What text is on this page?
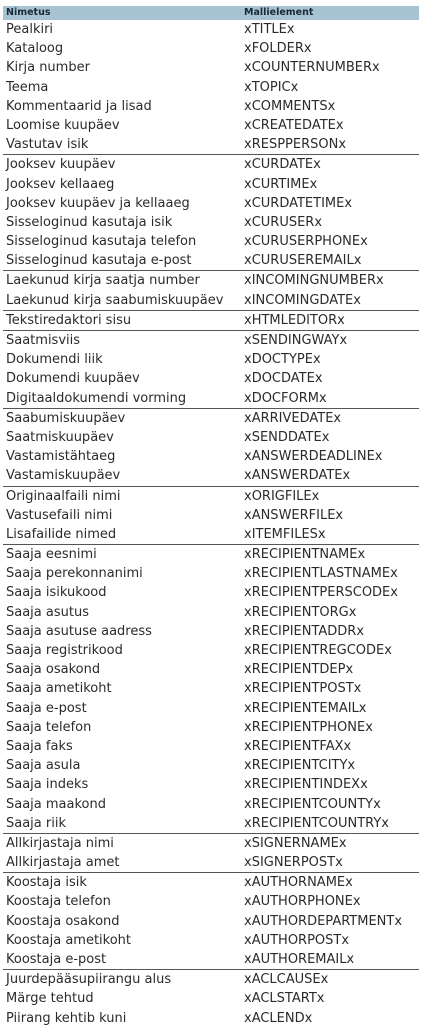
Nimetus	Mallielement
Pealkiri	xTITLEx
Kataloog	xFOLDERx
Kirja number	xCOUNTERNUMBERx
Teema	xTOPICx
Kommentaarid ja lisad	xCOMMENTSx
Loomise kuupäev	xCREATEDATEx
Vastutav isik	xRESPPERSONx
Jooksev kuupäev	xCURDATEx
Jooksev kellaaeg	xCURTIMEx
Jooksev kuupäev ja kellaaeg	xCURDATETIMEx
Sisseloginud kasutaja isik	xCURUSERx
Sisseloginud kasutaja telefon	xCURUSERPHONEx
Sisseloginud kasutaja e-post	xCURUSEREMAILx
Laekunud kirja saatja number	xINCOMINGNUMBERx
Laekunud kirja saabumiskuupäev	xINCOMINGDATEx
Tekstiredaktori sisu	xHTMLEDITORx
Saatmisviis	xSENDINGWAYx
Dokumendi liik	xDOCTYPEx
Dokumendi kuupäev	xDOCDATEx
Digitaaldokumendi vorming	xDOCFORMx
Saabumiskuupäev	xARRIVEDATEx
Saatmiskuupäev	xSENDDATEx
Vastamistähtaeg	xANSWERDEADLINEx
Vastamiskuupäev	xANSWERDATEx
Originaalfaili nimi	xORIGFILEx
Vastusefaili nimi	xANSWERFILEx
Lisafailide nimed	xITEMFILESx
Saaja eesnimi	xRECIPIENTNAMEx
Saaja perekonnanimi	xRECIPIENTLASTNAMEx
Saaja isikukood	xRECIPIENTPERSCODEx
Saaja asutus	xRECIPIENTORGx
Saaja asutuse aadress	xRECIPIENTADDRx
Saaja registrikood	xRECIPIENTREGCODEx
Saaja osakond	xRECIPIENTDEPx
Saaja ametikoht	xRECIPIENTPOSTx
Saaja e-post	xRECIPIENTEMAILx
Saaja telefon	xRECIPIENTPHONEx
Saaja faks	xRECIPIENTFAXx
Saaja asula	xRECIPIENTCITYx
Saaja indeks	xRECIPIENTINDEXx
Saaja maakond	xRECIPIENTCOUNTYx
Saaja riik	xRECIPIENTCOUNTRYx
Allkirjastaja nimi	xSIGNERNAMEx
Allkirjastaja amet	xSIGNERPOSTx
Koostaja isik	xAUTHORNAMEx
Koostaja telefon	xAUTHORPHONEx
Koostaja osakond	xAUTHORDEPARTMENTx
Koostaja ametikoht	xAUTHORPOSTx
Koostaja e-post	xAUTHOREMAILx
Juurdepääsupiirangu alus	xACLCAUSEx
Märge tehtud	xACLSTARTx
Piirang kehtib kuni	xACLENDx
